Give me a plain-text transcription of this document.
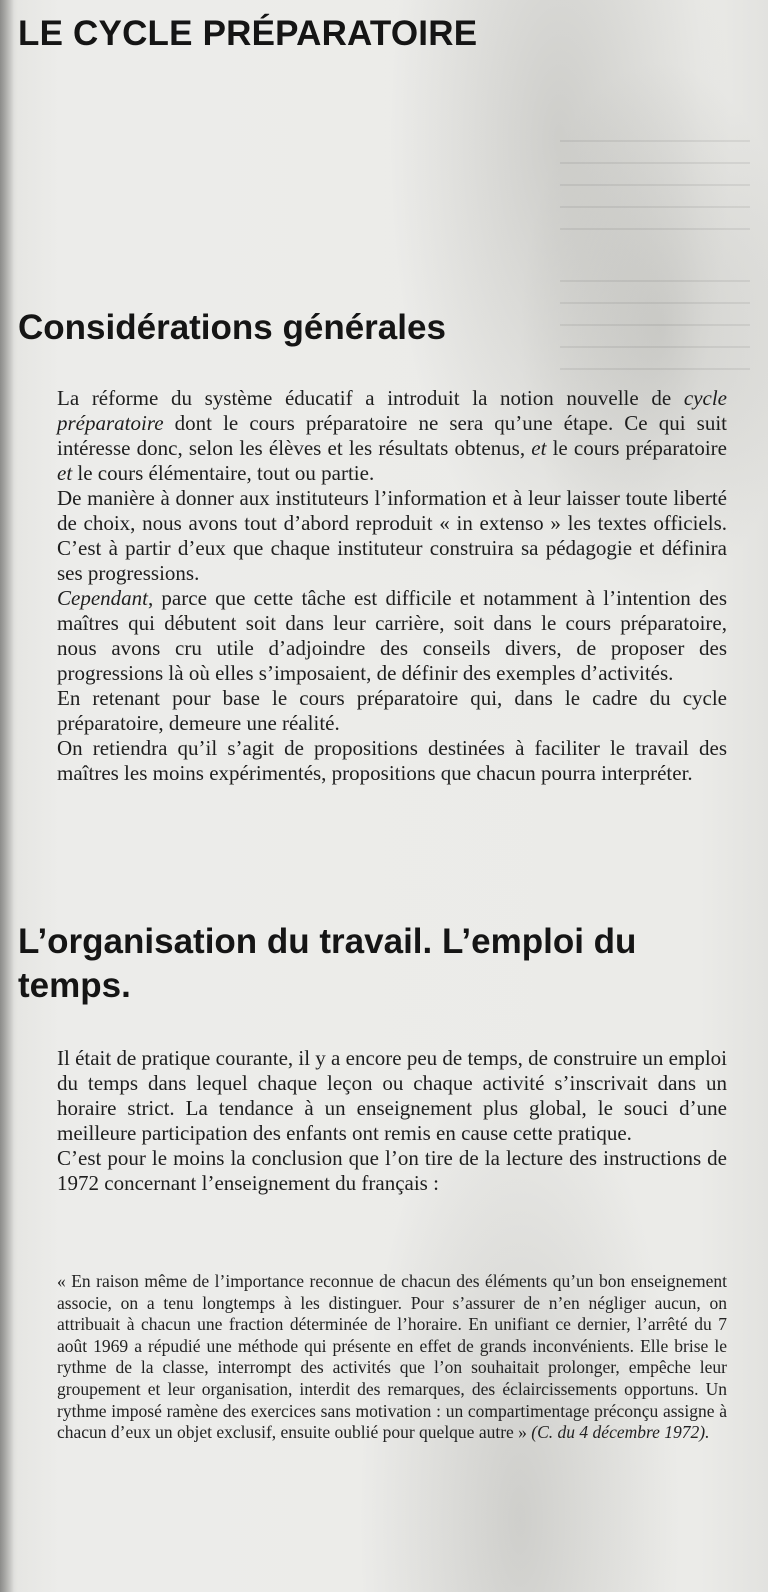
LE CYCLE PRÉPARATOIRE
Considérations générales

La réforme du système éducatif a introduit la notion nouvelle de cycle préparatoire dont le cours préparatoire ne sera qu’une étape. Ce qui suit intéresse donc, selon les élèves et les résultats obtenus, et le cours préparatoire et le cours élémentaire, tout ou partie.

De manière à donner aux instituteurs l’information et à leur laisser toute liberté de choix, nous avons tout d’abord reproduit « in extenso » les textes officiels. C’est à partir d’eux que chaque instituteur construira sa pédagogie et définira ses progressions.

Cependant, parce que cette tâche est difficile et notamment à l’intention des maîtres qui débutent soit dans leur carrière, soit dans le cours préparatoire, nous avons cru utile d’adjoindre des conseils divers, de proposer des progressions là où elles s’imposaient, de définir des exemples d’activités.

En retenant pour base le cours préparatoire qui, dans le cadre du cycle préparatoire, demeure une réalité.

On retiendra qu’il s’agit de propositions destinées à faciliter le travail des maîtres les moins expérimentés, propositions que chacun pourra interpréter.

L’organisation du travail. L’emploi du temps.

Il était de pratique courante, il y a encore peu de temps, de construire un emploi du temps dans lequel chaque leçon ou chaque activité s’inscrivait dans un horaire strict. La tendance à un enseignement plus global, le souci d’une meilleure participation des enfants ont remis en cause cette pratique.

C’est pour le moins la conclusion que l’on tire de la lecture des instructions de 1972 concernant l’enseignement du français :

« En raison même de l’importance reconnue de chacun des éléments qu’un bon enseignement associe, on a tenu longtemps à les distinguer. Pour s’assurer de n’en négliger aucun, on attribuait à chacun une fraction déterminée de l’horaire. En unifiant ce dernier, l’arrêté du 7 août 1969 a répudié une méthode qui présente en effet de grands inconvénients. Elle brise le rythme de la classe, interrompt des activités que l’on souhaitait prolonger, empêche leur groupement et leur organisation, interdit des remarques, des éclaircissements opportuns. Un rythme imposé ramène des exercices sans motivation : un compartimentage préconçu assigne à chacun d’eux un objet exclusif, ensuite oublié pour quelque autre » (C. du 4 décembre 1972).
